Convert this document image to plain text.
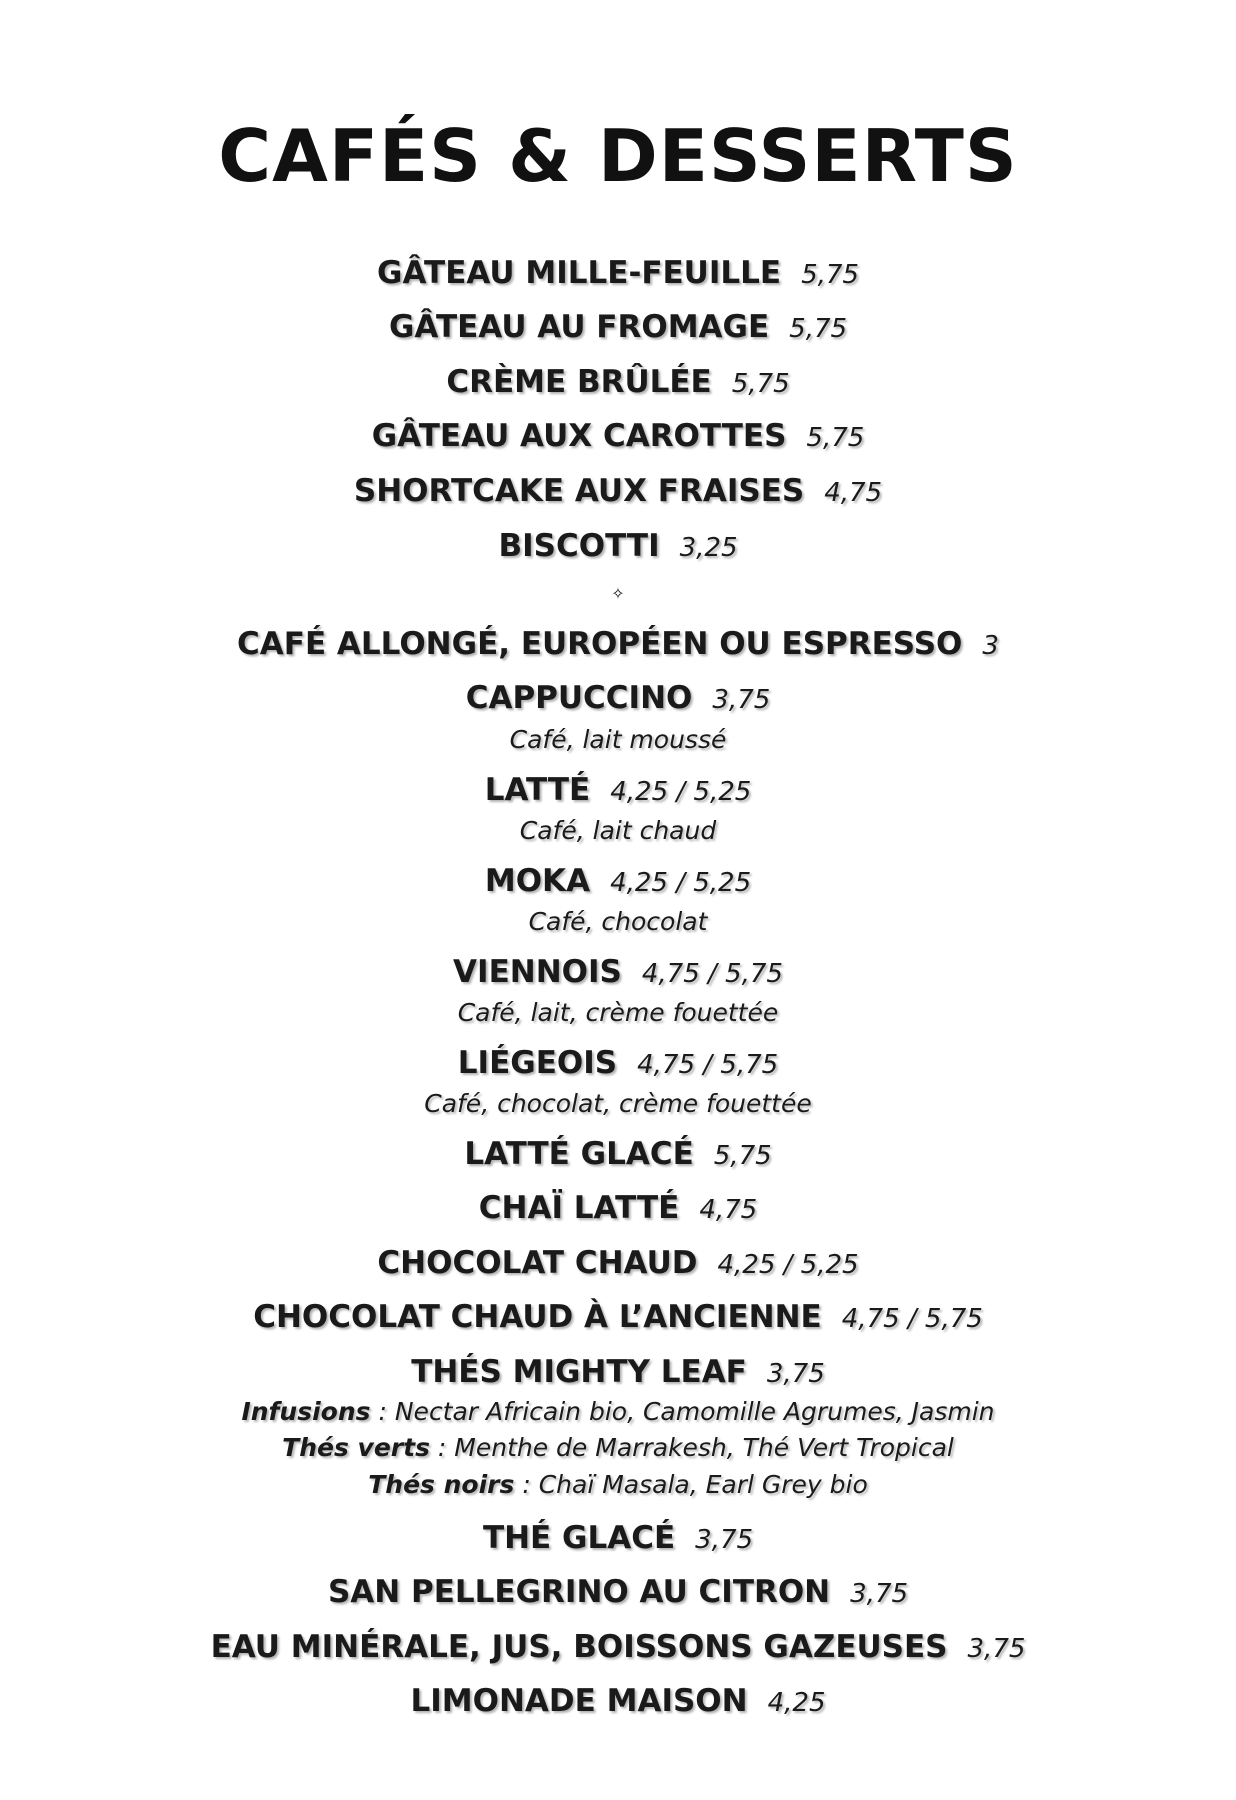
CAFÉS & DESSERTS
GÂTEAU MILLE-FEUILLE 5,75
GÂTEAU AU FROMAGE 5,75
CRÈME BRÛLÉE 5,75
GÂTEAU AUX CAROTTES 5,75
SHORTCAKE AUX FRAISES 4,75
BISCOTTI 3,25
✧
CAFÉ ALLONGÉ, EUROPÉEN OU ESPRESSO 3
CAPPUCCINO 3,75
Café, lait moussé
LATTÉ 4,25 / 5,25
Café, lait chaud
MOKA 4,25 / 5,25
Café, chocolat
VIENNOIS 4,75 / 5,75
Café, lait, crème fouettée
LIÉGEOIS 4,75 / 5,75
Café, chocolat, crème fouettée
LATTÉ GLACÉ 5,75
CHAÏ LATTÉ 4,75
CHOCOLAT CHAUD 4,25 / 5,25
CHOCOLAT CHAUD À L’ANCIENNE 4,75 / 5,75
THÉS MIGHTY LEAF 3,75
Infusions : Nectar Africain bio, Camomille Agrumes, Jasmin
Thés verts : Menthe de Marrakesh, Thé Vert Tropical
Thés noirs : Chaï Masala, Earl Grey bio
THÉ GLACÉ 3,75
SAN PELLEGRINO AU CITRON 3,75
EAU MINÉRALE, JUS, BOISSONS GAZEUSES 3,75
LIMONADE MAISON 4,25
